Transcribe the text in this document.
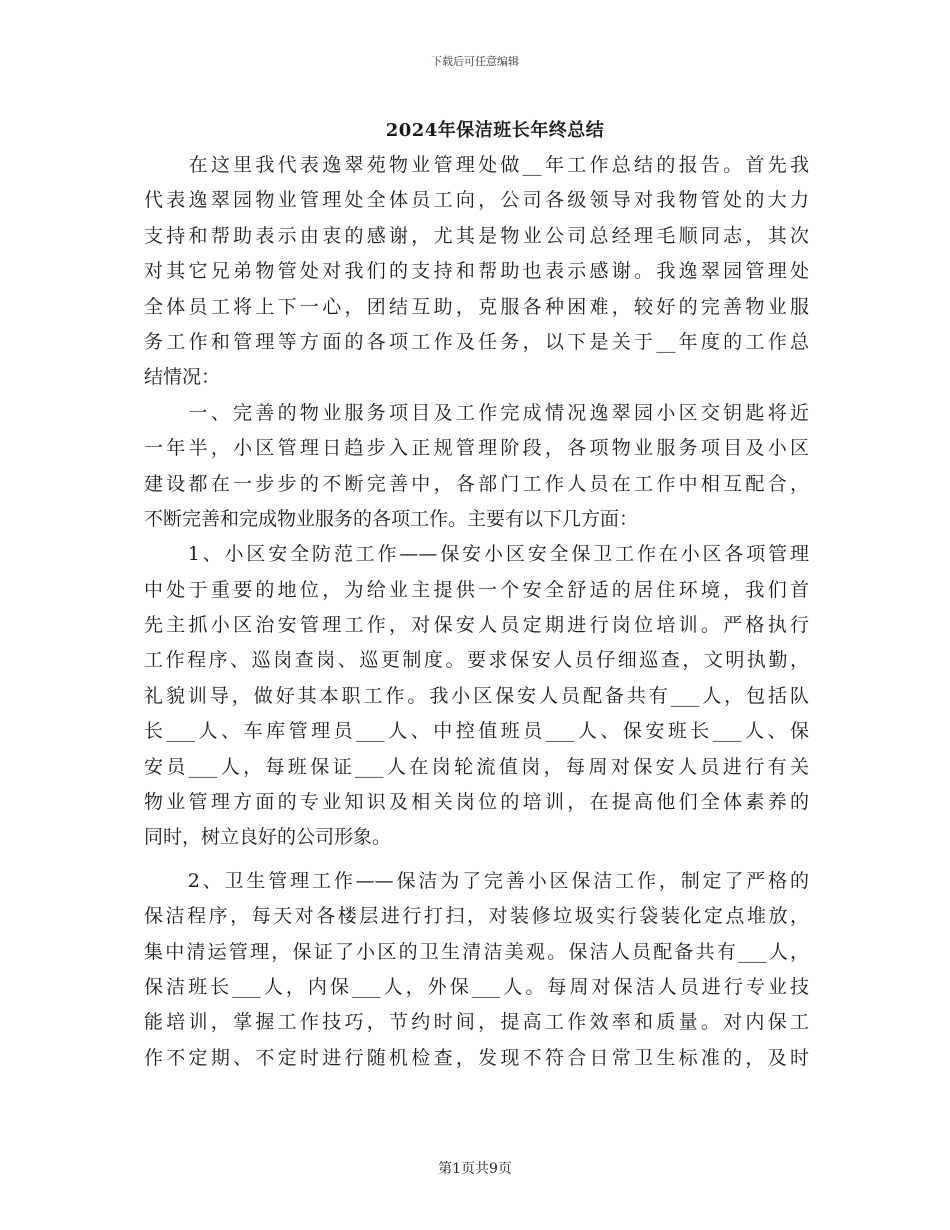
下载后可任意编辑
2024年保洁班长年终总结
　　在这里我代表逸翠苑物业管理处做__年工作总结的报告。首先我
代表逸翠园物业管理处全体员工向，公司各级领导对我物管处的大力
支持和帮助表示由衷的感谢，尤其是物业公司总经理毛顺同志，其次
对其它兄弟物管处对我们的支持和帮助也表示感谢。我逸翠园管理处
全体员工将上下一心，团结互助，克服各种困难，较好的完善物业服
务工作和管理等方面的各项工作及任务，以下是关于__年度的工作总
结情况：
　　一、完善的物业服务项目及工作完成情况逸翠园小区交钥匙将近
一年半，小区管理日趋步入正规管理阶段，各项物业服务项目及小区
建设都在一步步的不断完善中，各部门工作人员在工作中相互配合，
不断完善和完成物业服务的各项工作。主要有以下几方面：
　　1、小区安全防范工作——保安小区安全保卫工作在小区各项管理
中处于重要的地位，为给业主提供一个安全舒适的居住环境，我们首
先主抓小区治安管理工作，对保安人员定期进行岗位培训。严格执行
工作程序、巡岗查岗、巡更制度。要求保安人员仔细巡查，文明执勤，
礼貌训导，做好其本职工作。我小区保安人员配备共有___人，包括队
长___人、车库管理员___人、中控值班员___人、保安班长___人、保
安员___人，每班保证___人在岗轮流值岗，每周对保安人员进行有关
物业管理方面的专业知识及相关岗位的培训，在提高他们全体素养的
同时，树立良好的公司形象。
　　2、卫生管理工作——保洁为了完善小区保洁工作，制定了严格的
保洁程序，每天对各楼层进行打扫，对装修垃圾实行袋装化定点堆放，
集中清运管理，保证了小区的卫生清洁美观。保洁人员配备共有___人，
保洁班长___人，内保___人，外保___人。每周对保洁人员进行专业技
能培训，掌握工作技巧，节约时间，提高工作效率和质量。对内保工
作不定期、不定时进行随机检查，发现不符合日常卫生标准的，及时
第1页共9页
